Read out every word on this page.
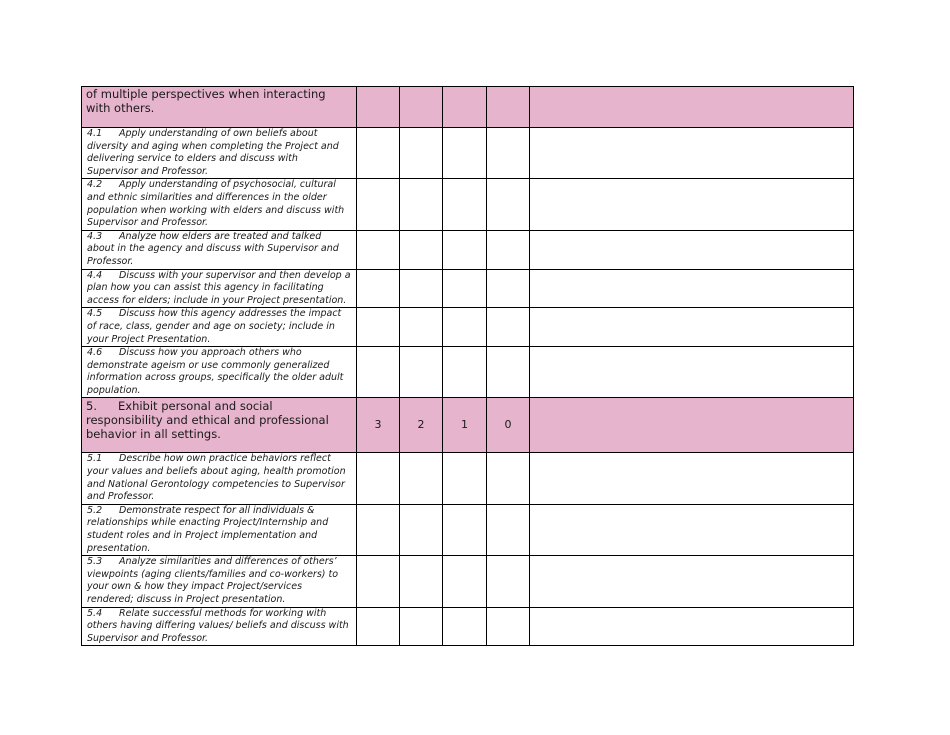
of multiple perspectives when interacting with others.					

4.1 Apply understanding of own beliefs about diversity and aging when completing the Project and delivering service to elders and discuss with Supervisor and Professor.					

4.2 Apply understanding of psychosocial, cultural and ethnic similarities and differences in the older population when working with elders and discuss with Supervisor and Professor.					

4.3 Analyze how elders are treated and talked about in the agency and discuss with Supervisor and Professor.					

4.4 Discuss with your supervisor and then develop a plan how you can assist this agency in facilitating access for elders; include in your Project presentation.					

4.5 Discuss how this agency addresses the impact of race, class, gender and age on society; include in your Project Presentation.					

4.6 Discuss how you approach others who demonstrate ageism or use commonly generalized information across groups, specifically the older adult population.					

5. Exhibit personal and social responsibility and ethical and professional behavior in all settings.	3	2	1	0	

5.1 Describe how own practice behaviors reflect your values and beliefs about aging, health promotion and National Gerontology competencies to Supervisor and Professor.					

5.2 Demonstrate respect for all individuals & relationships while enacting Project/Internship and student roles and in Project implementation and presentation.					

5.3 Analyze similarities and differences of others’ viewpoints (aging clients/families and co-workers) to your own & how they impact Project/services rendered; discuss in Project presentation.					

5.4 Relate successful methods for working with others having differing values/ beliefs and discuss with Supervisor and Professor.					
